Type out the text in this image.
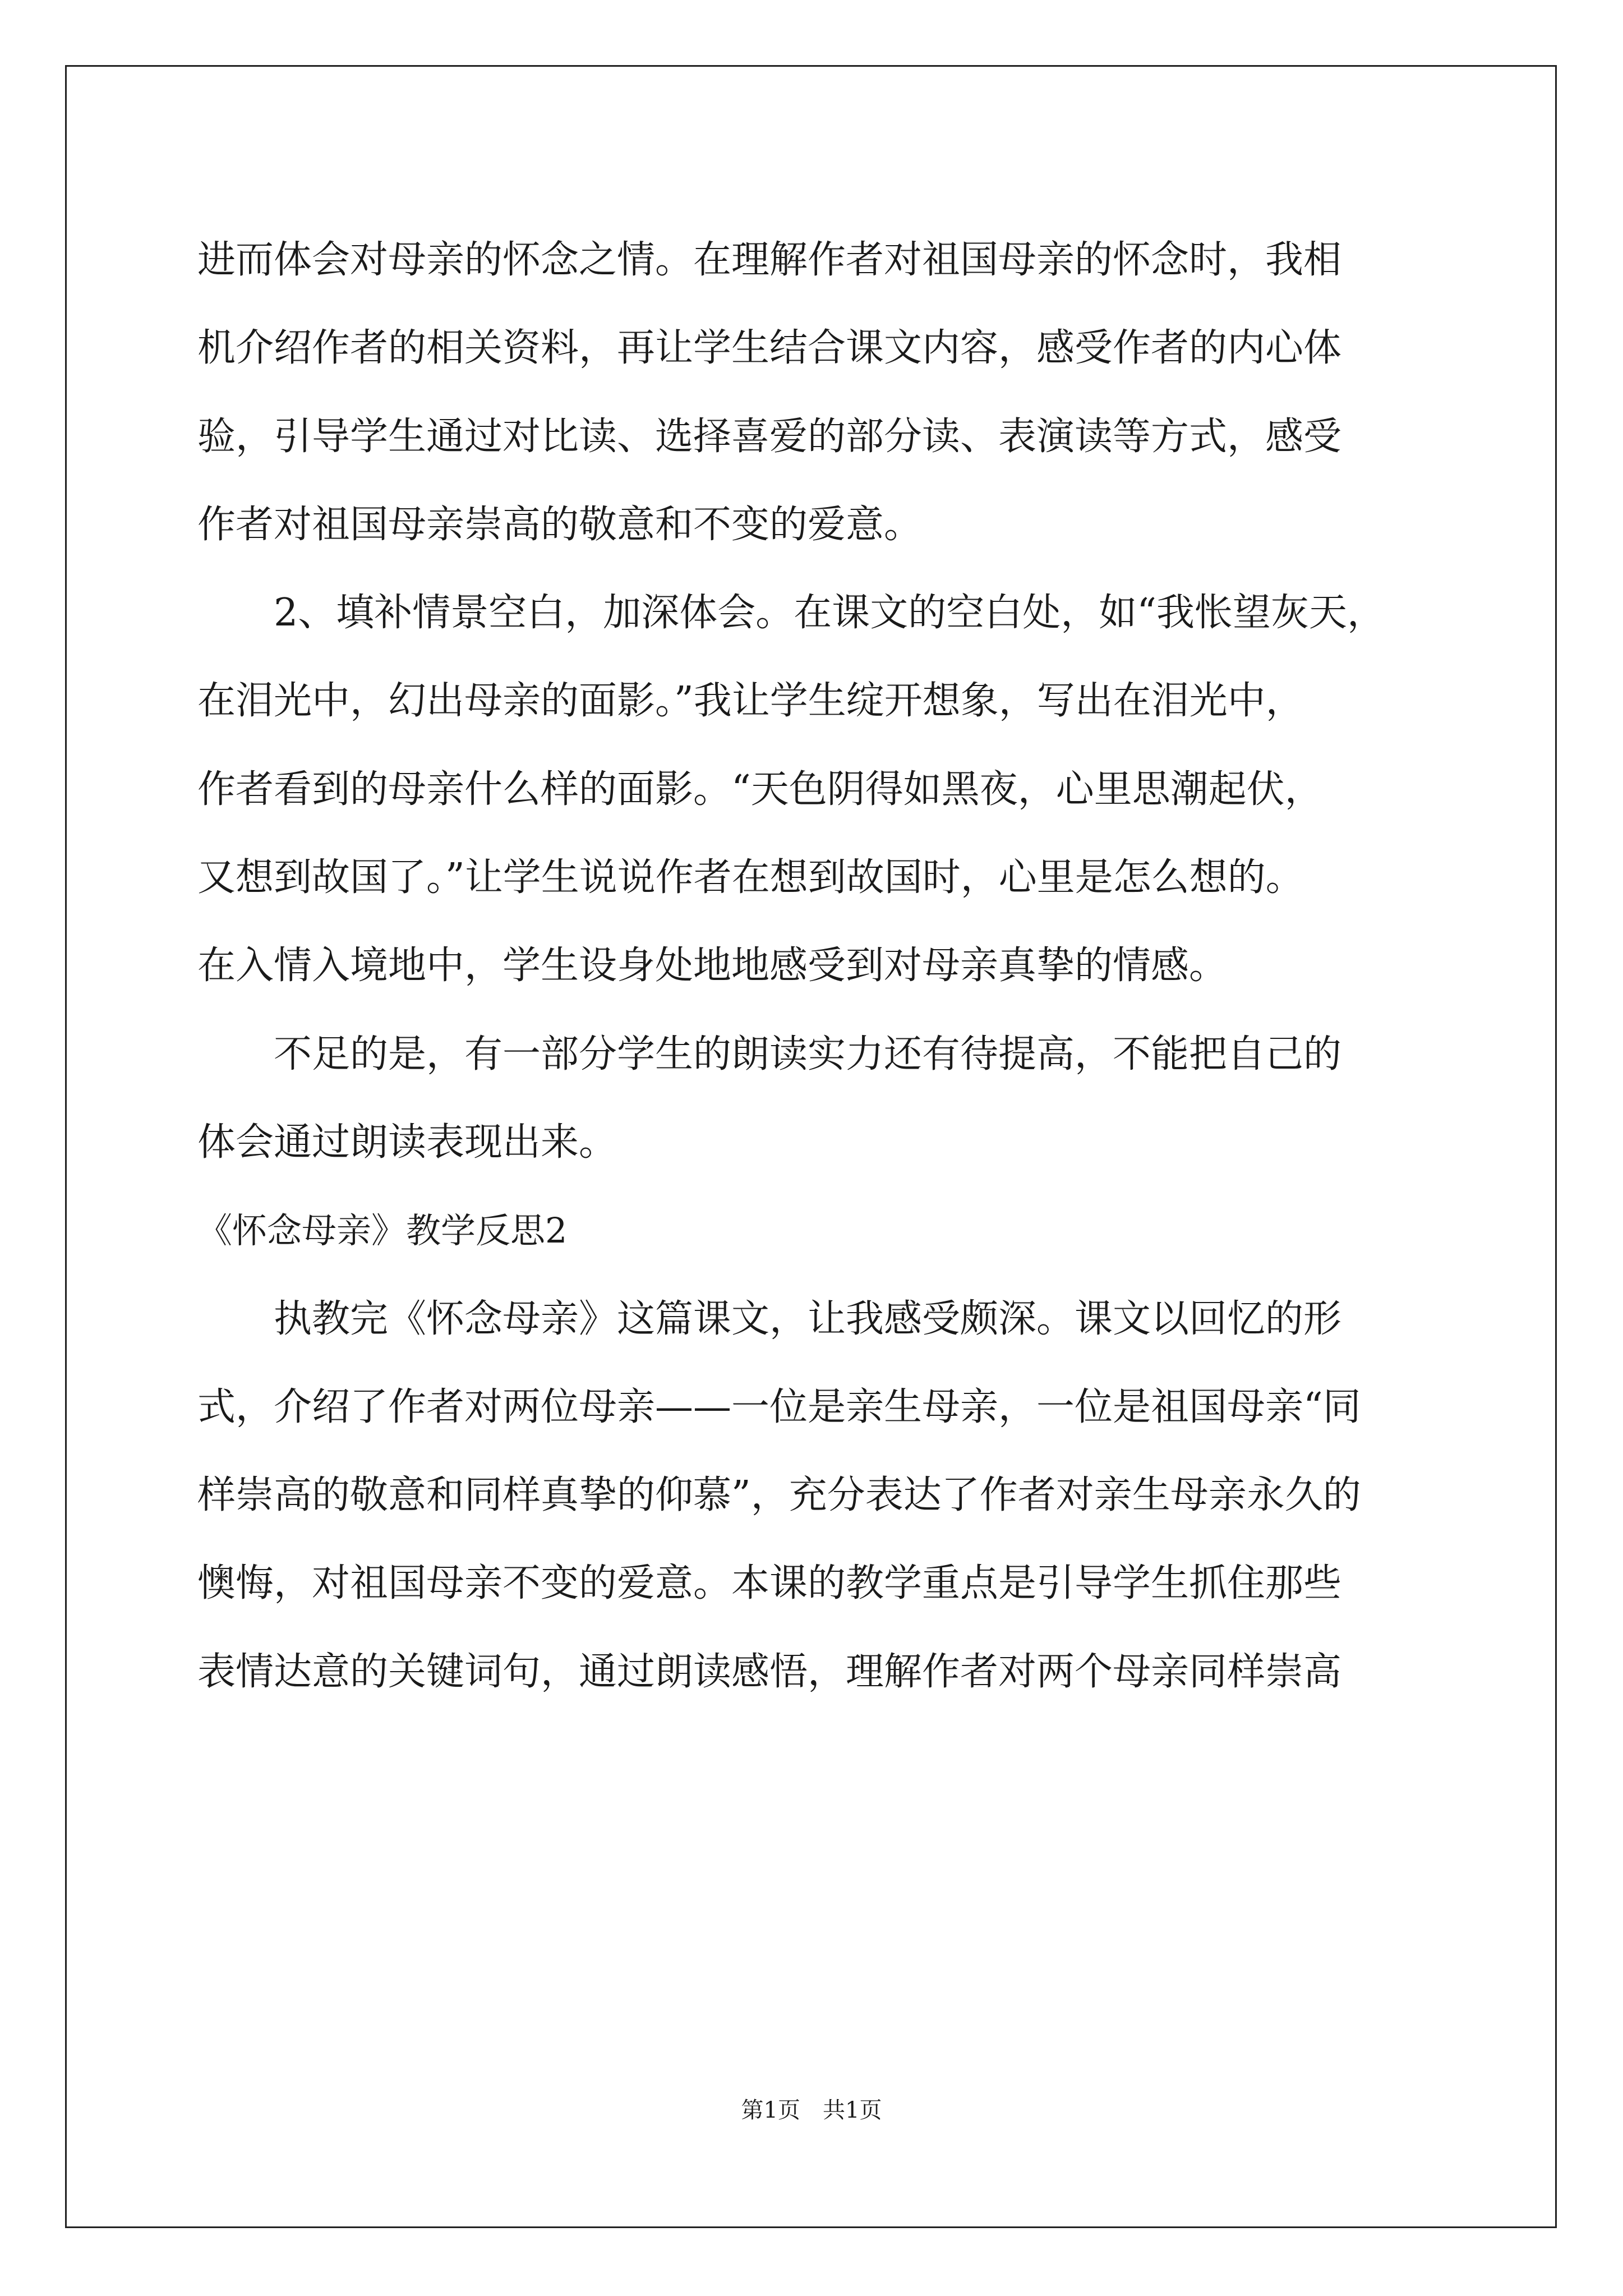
进而体会对母亲的怀念之情。在理解作者对祖国母亲的怀念时，我相
机介绍作者的相关资料，再让学生结合课文内容，感受作者的内心体
验，引导学生通过对比读、选择喜爱的部分读、表演读等方式，感受
作者对祖国母亲崇高的敬意和不变的爱意。
2、填补情景空白，加深体会。在课文的空白处，如“我怅望灰天，
在泪光中，幻出母亲的面影。”我让学生绽开想象，写出在泪光中，
作者看到的母亲什么样的面影。“天色阴得如黑夜，心里思潮起伏，
又想到故国了。”让学生说说作者在想到故国时，心里是怎么想的。
在入情入境地中，学生设身处地地感受到对母亲真挚的情感。
不足的是，有一部分学生的朗读实力还有待提高，不能把自己的
体会通过朗读表现出来。
《怀念母亲》教学反思2
执教完《怀念母亲》这篇课文，让我感受颇深。课文以回忆的形
式，介绍了作者对两位母亲——一位是亲生母亲，一位是祖国母亲“同
样崇高的敬意和同样真挚的仰慕”，充分表达了作者对亲生母亲永久的
懊悔，对祖国母亲不变的爱意。本课的教学重点是引导学生抓住那些
表情达意的关键词句，通过朗读感悟，理解作者对两个母亲同样崇高
第1页　共1页
